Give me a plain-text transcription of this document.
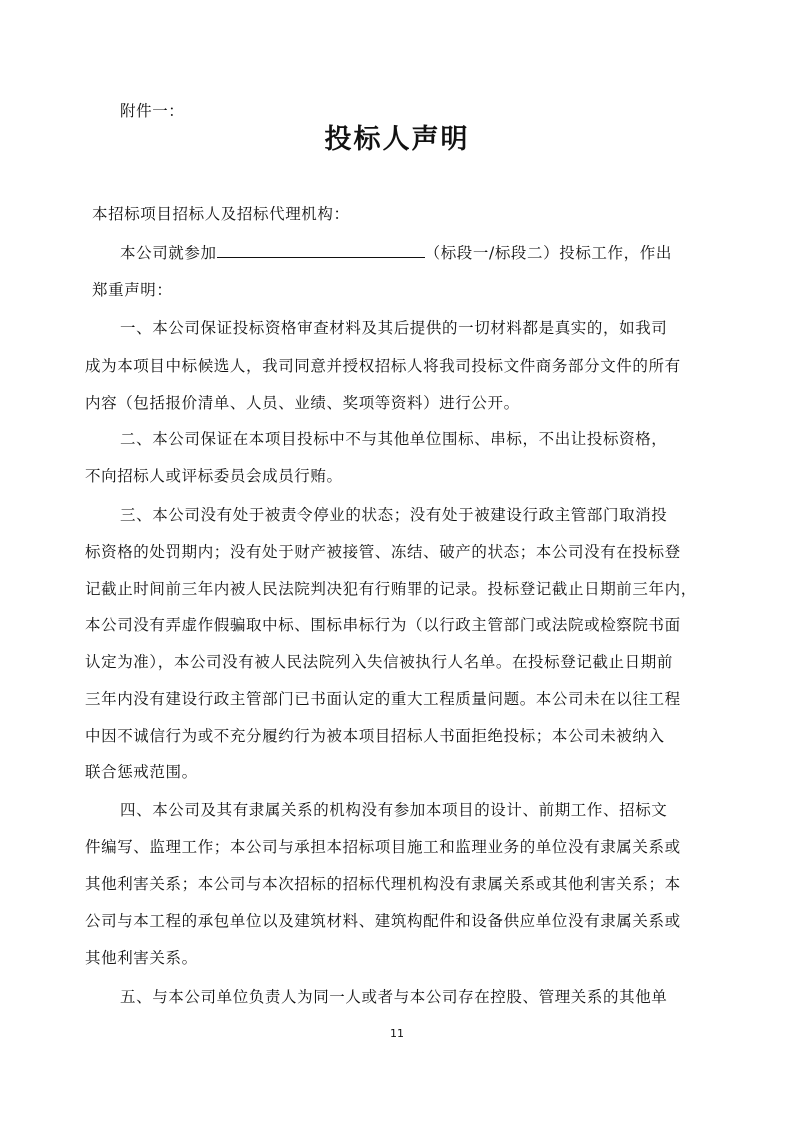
附件一：
投标人声明
本招标项目招标人及招标代理机构：
本公司就参加	（标段一/标段二）投标工作，作出
郑重声明：
一、本公司保证投标资格审查材料及其后提供的一切材料都是真实的，如我司
成为本项目中标候选人，我司同意并授权招标人将我司投标文件商务部分文件的所有
内容（包括报价清单、人员、业绩、奖项等资料）进行公开。
二、本公司保证在本项目投标中不与其他单位围标、串标，不出让投标资格，
不向招标人或评标委员会成员行贿。
三、本公司没有处于被责令停业的状态；没有处于被建设行政主管部门取消投
标资格的处罚期内；没有处于财产被接管、冻结、破产的状态；本公司没有在投标登
记截止时间前三年内被人民法院判决犯有行贿罪的记录。投标登记截止日期前三年内，
本公司没有弄虚作假骗取中标、围标串标行为（以行政主管部门或法院或检察院书面
认定为准），本公司没有被人民法院列入失信被执行人名单。在投标登记截止日期前
三年内没有建设行政主管部门已书面认定的重大工程质量问题。本公司未在以往工程
中因不诚信行为或不充分履约行为被本项目招标人书面拒绝投标；本公司未被纳入
联合惩戒范围。
四、本公司及其有隶属关系的机构没有参加本项目的设计、前期工作、招标文
件编写、监理工作；本公司与承担本招标项目施工和监理业务的单位没有隶属关系或
其他利害关系；本公司与本次招标的招标代理机构没有隶属关系或其他利害关系；本
公司与本工程的承包单位以及建筑材料、建筑构配件和设备供应单位没有隶属关系或
其他利害关系。
五、与本公司单位负责人为同一人或者与本公司存在控股、管理关系的其他单
11
